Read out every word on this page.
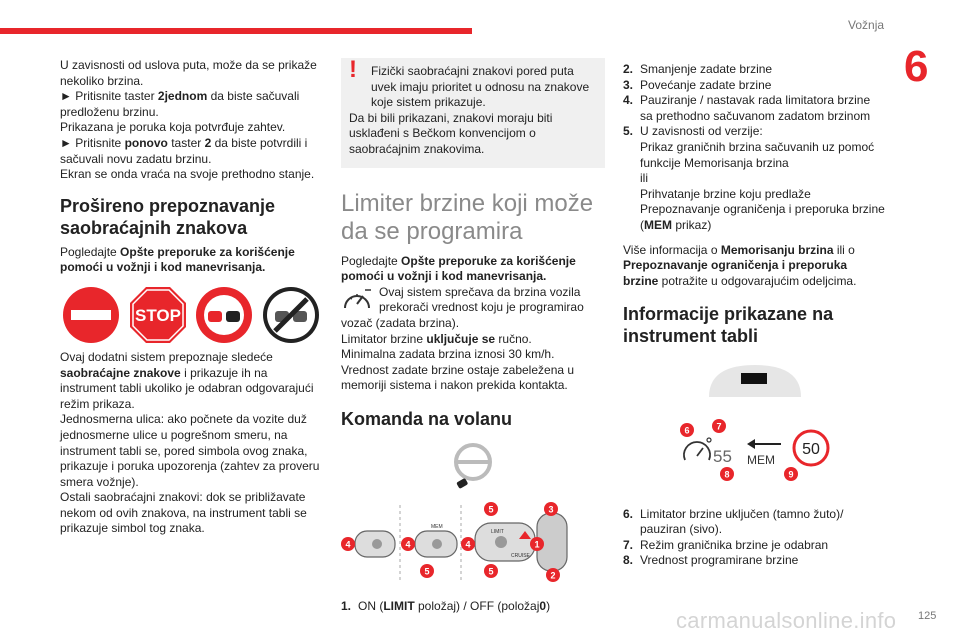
Vožnja
6

U zavisnosti od uslova puta, može da se prikaže nekoliko brzina.

► Pritisnite taster 2jednom da biste sačuvali predloženu brzinu.

Prikazana je poruka koja potvrđuje zahtev.

► Pritisnite ponovo taster 2 da biste potvrdili i sačuvali novu zadatu brzinu.

Ekran se onda vraća na svoje prethodno stanje.

Prošireno prepoznavanje saobraćajnih znakova

Pogledajte Opšte preporuke za korišćenje pomoći u vožnji i kod manevrisanja.

STOP

Ovaj dodatni sistem prepoznaje sledeće saobraćajne znakove i prikazuje ih na instrument tabli ukoliko je odabran odgovarajući režim prikaza.

Jednosmerna ulica: ako počnete da vozite duž jednosmerne ulice u pogrešnom smeru, na instrument tabli se, pored simbola ovog znaka, prikazuje i poruka upozorenja (zahtev za proveru smera vožnje).

Ostali saobraćajni znakovi: dok se približavate nekom od ovih znakova, na instrument tabli se prikazuje simbol tog znaka.

!	Fizički saobraćajni znakovi pored puta uvek imaju prioritet u odnosu na znakove koje sistem prikazuje.

Da bi bili prikazani, znakovi moraju biti usklađeni s Bečkom konvencijom o saobraćajnim znakovima.

Limiter brzine koji može da se programira

Pogledajte Opšte preporuke za korišćenje pomoći u vožnji i kod manevrisanja.

Ovaj sistem sprečava da brzina vozila prekorači vrednost koju je programirao vozač (zadata brzina).

Limitator brzine uključuje se ručno.

Minimalna zadata brzina iznosi 30 km/h.

Vrednost zadate brzine ostaje zabeležena u memoriji sistema i nakon prekida kontakta.

Komanda na volanu

MEM
LIMIT
CRUISE
4	4	4
5	5
5	3
1
2
1. ON (LIMIT položaj) / OFF (položaj0)
2. Smanjenje zadate brzine
3. Povećanje zadate brzine
4. Pauziranje / nastavak rada limitatora brzine sa prethodno sačuvanom zadatom brzinom
5. U zavisnosti od verzije:
Prikaz graničnih brzina sačuvanih uz pomoć funkcije Memorisanja brzina
ili
Prihvatanje brzine koju predlaže Prepoznavanje ograničenja i preporuka brzine (MEM prikaz)

Više informacija o Memorisanju brzina ili o Prepoznavanje ograničenja i preporuka brzine potražite u odgovarajućim odeljcima.

Informacije prikazane na instrument tabli

55 MEM
50
6	7
8	9
6. Limitator brzine uključen (tamno žuto)/ pauziran (sivo).
7. Režim graničnika brzine je odabran
8. Vrednost programirane brzine
125
carmanualsonline.info
